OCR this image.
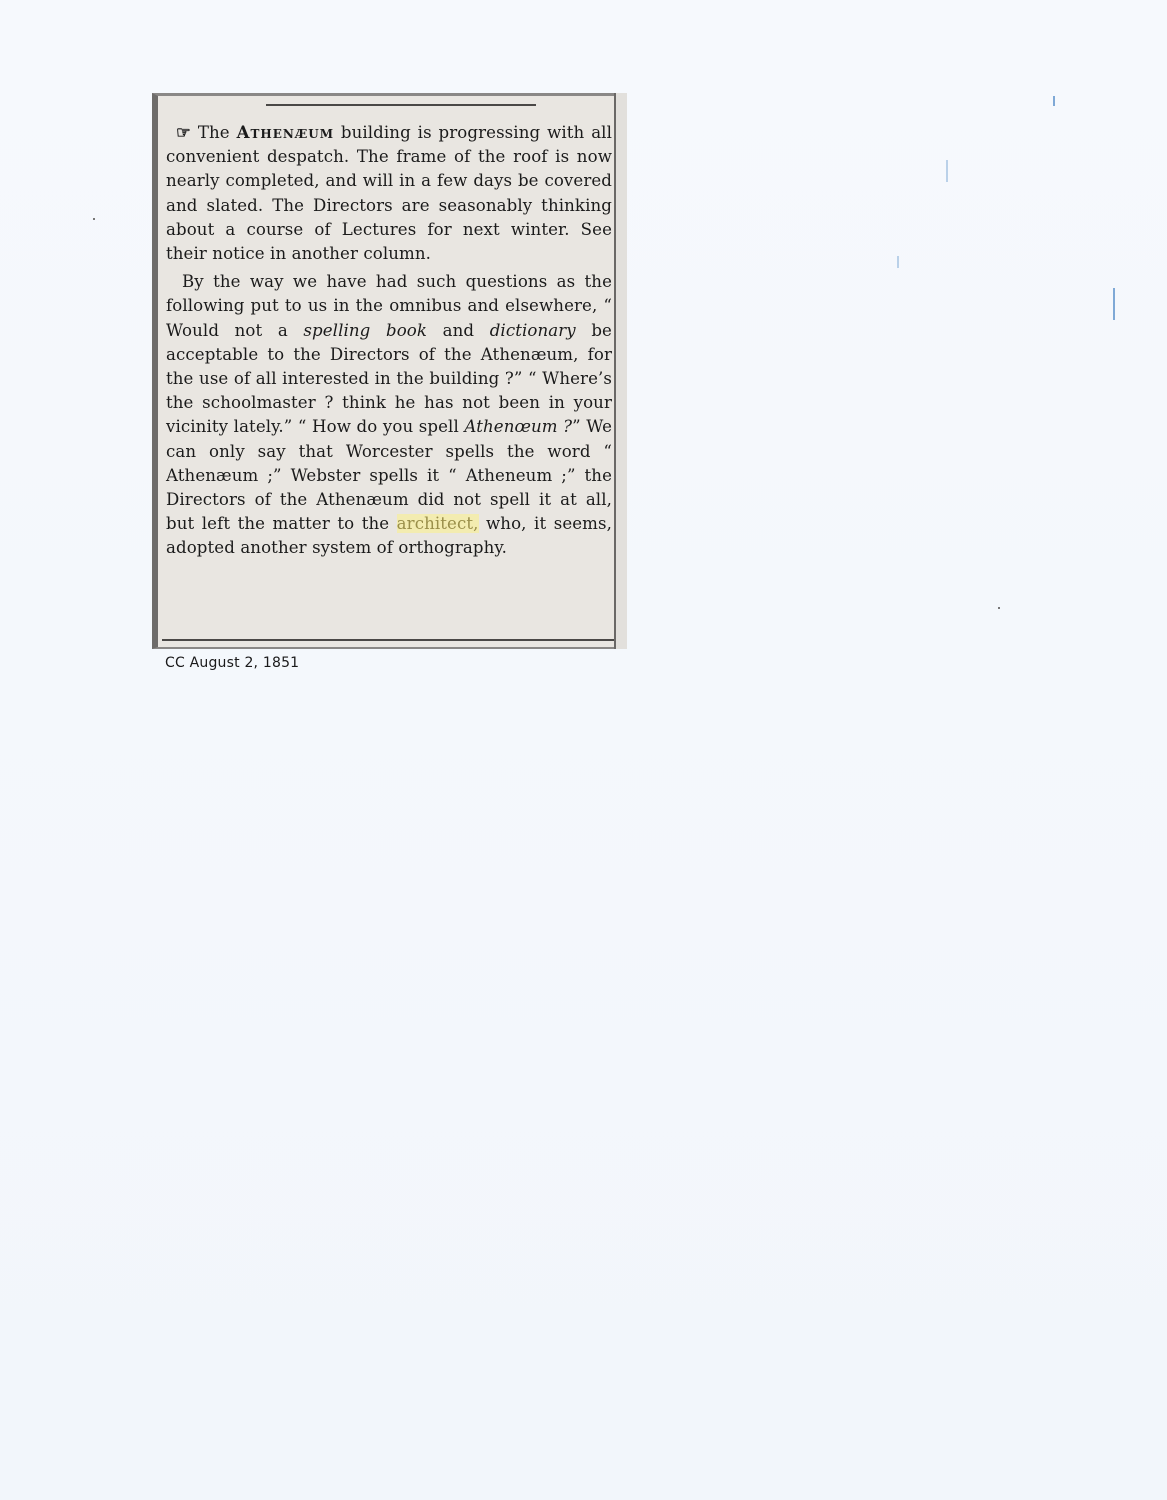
☞ The Athenæum building is progressing with all convenient despatch. The frame of the roof is now nearly completed, and will in a few days be covered and slated. The Directors are seasonably thinking about a course of Lectures for next winter. See their notice in another column.

By the way we have had such questions as the following put to us in the omnibus and elsewhere, “ Would not a spelling book and dictionary be acceptable to the Directors of the Athenæum, for the use of all interested in the building ?” “ Where’s the schoolmaster ? think he has not been in your vicinity lately.” “ How do you spell Athenœum ?” We can only say that Worcester spells the word “ Athenæum ;” Webster spells it “ Atheneum ;” the Directors of the Athenæum did not spell it at all, but left the matter to the architect, who, it seems, adopted another system of orthography.

CC August 2, 1851
